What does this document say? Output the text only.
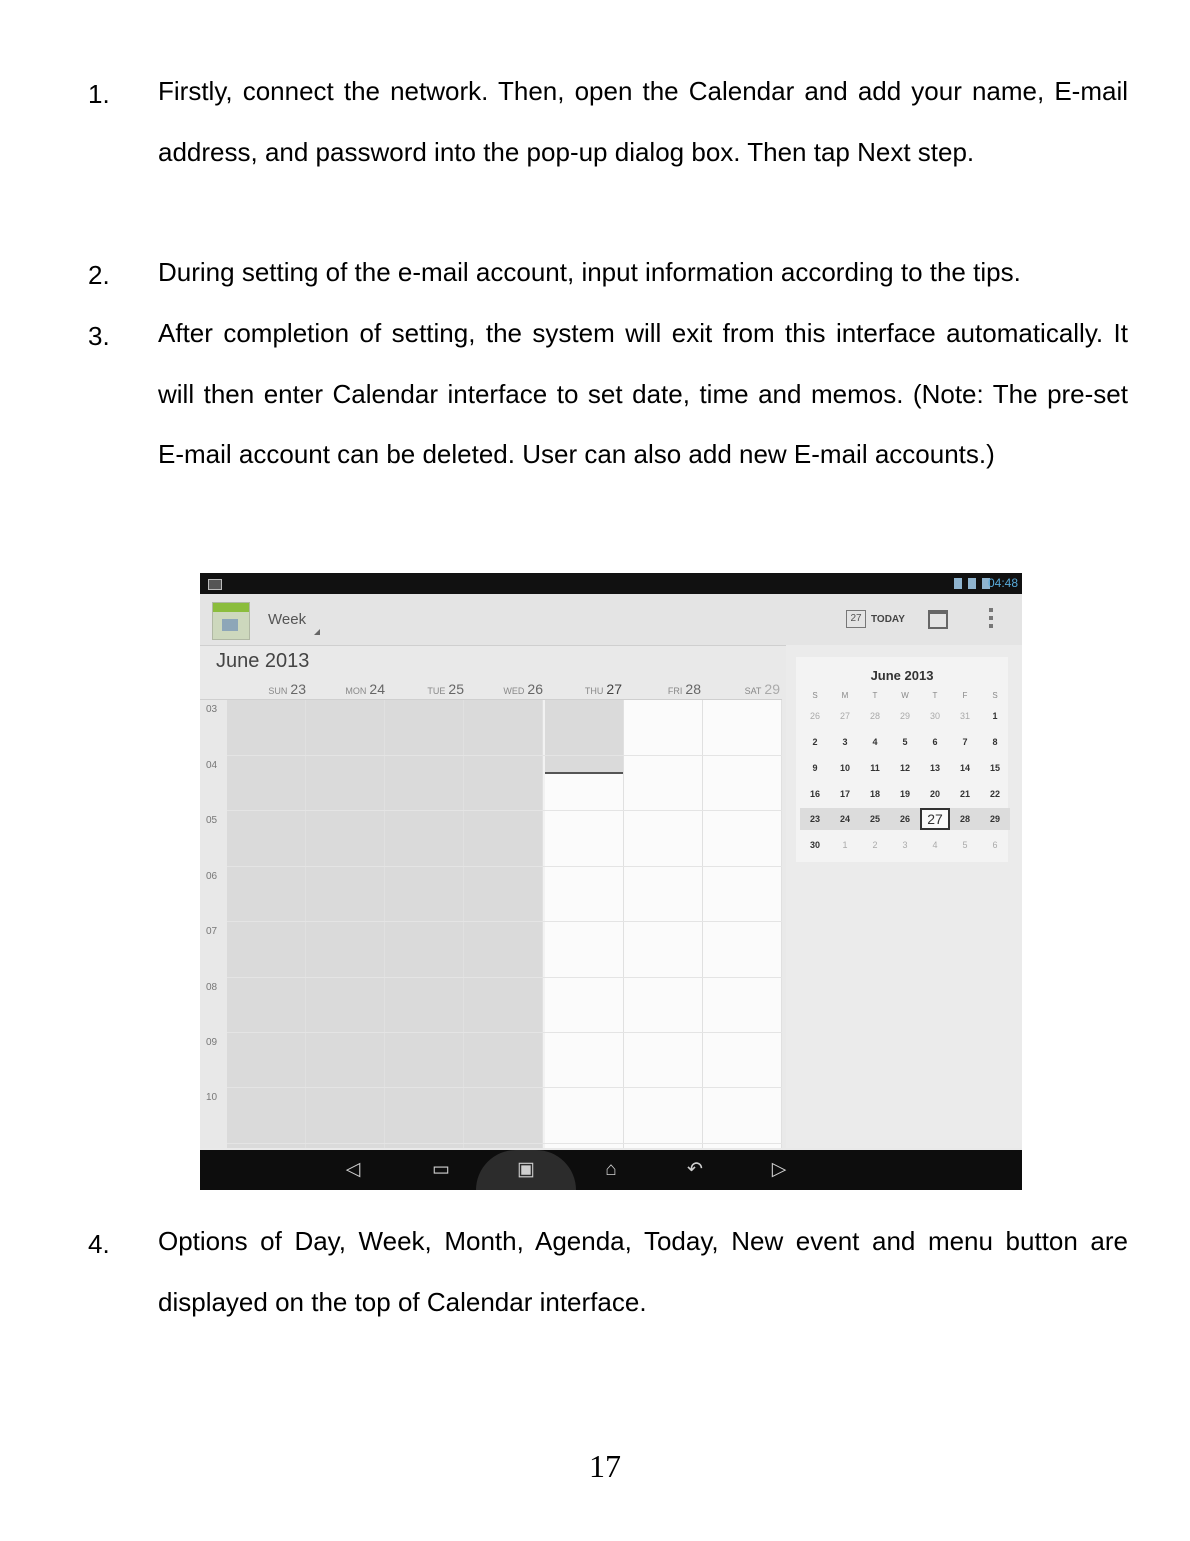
1. Firstly, connect the network. Then, open the Calendar and add your name, E-mail address, and password into the pop-up dialog box. Then tap Next step.
2. During setting of the e-mail account, input information according to the tips.
3. After completion of setting, the system will exit from this interface automatically. It will then enter Calendar interface to set date, time and memos. (Note: The pre-set E-mail account can be deleted. User can also add new E-mail accounts.)
04:48
Week	27 TODAY
June 2013
SUN 23	MON 24	TUE 25	WED 26	THU 27	FRI 28	SAT 29
03
04
05
06
07
08
09
10
June 2013
S	M	T	W	T	F	S
26	27	28	29	30	31	1
2	3	4	5	6	7	8
9	10	11	12	13	14	15
16	17	18	19	20	21	22
23	24	25	26	27	28	29
30	1	2	3	4	5	6
◁	▭	▣	⌂	↶	▷
4. Options of Day, Week, Month, Agenda, Today, New event and menu button are displayed on the top of Calendar interface.
17
